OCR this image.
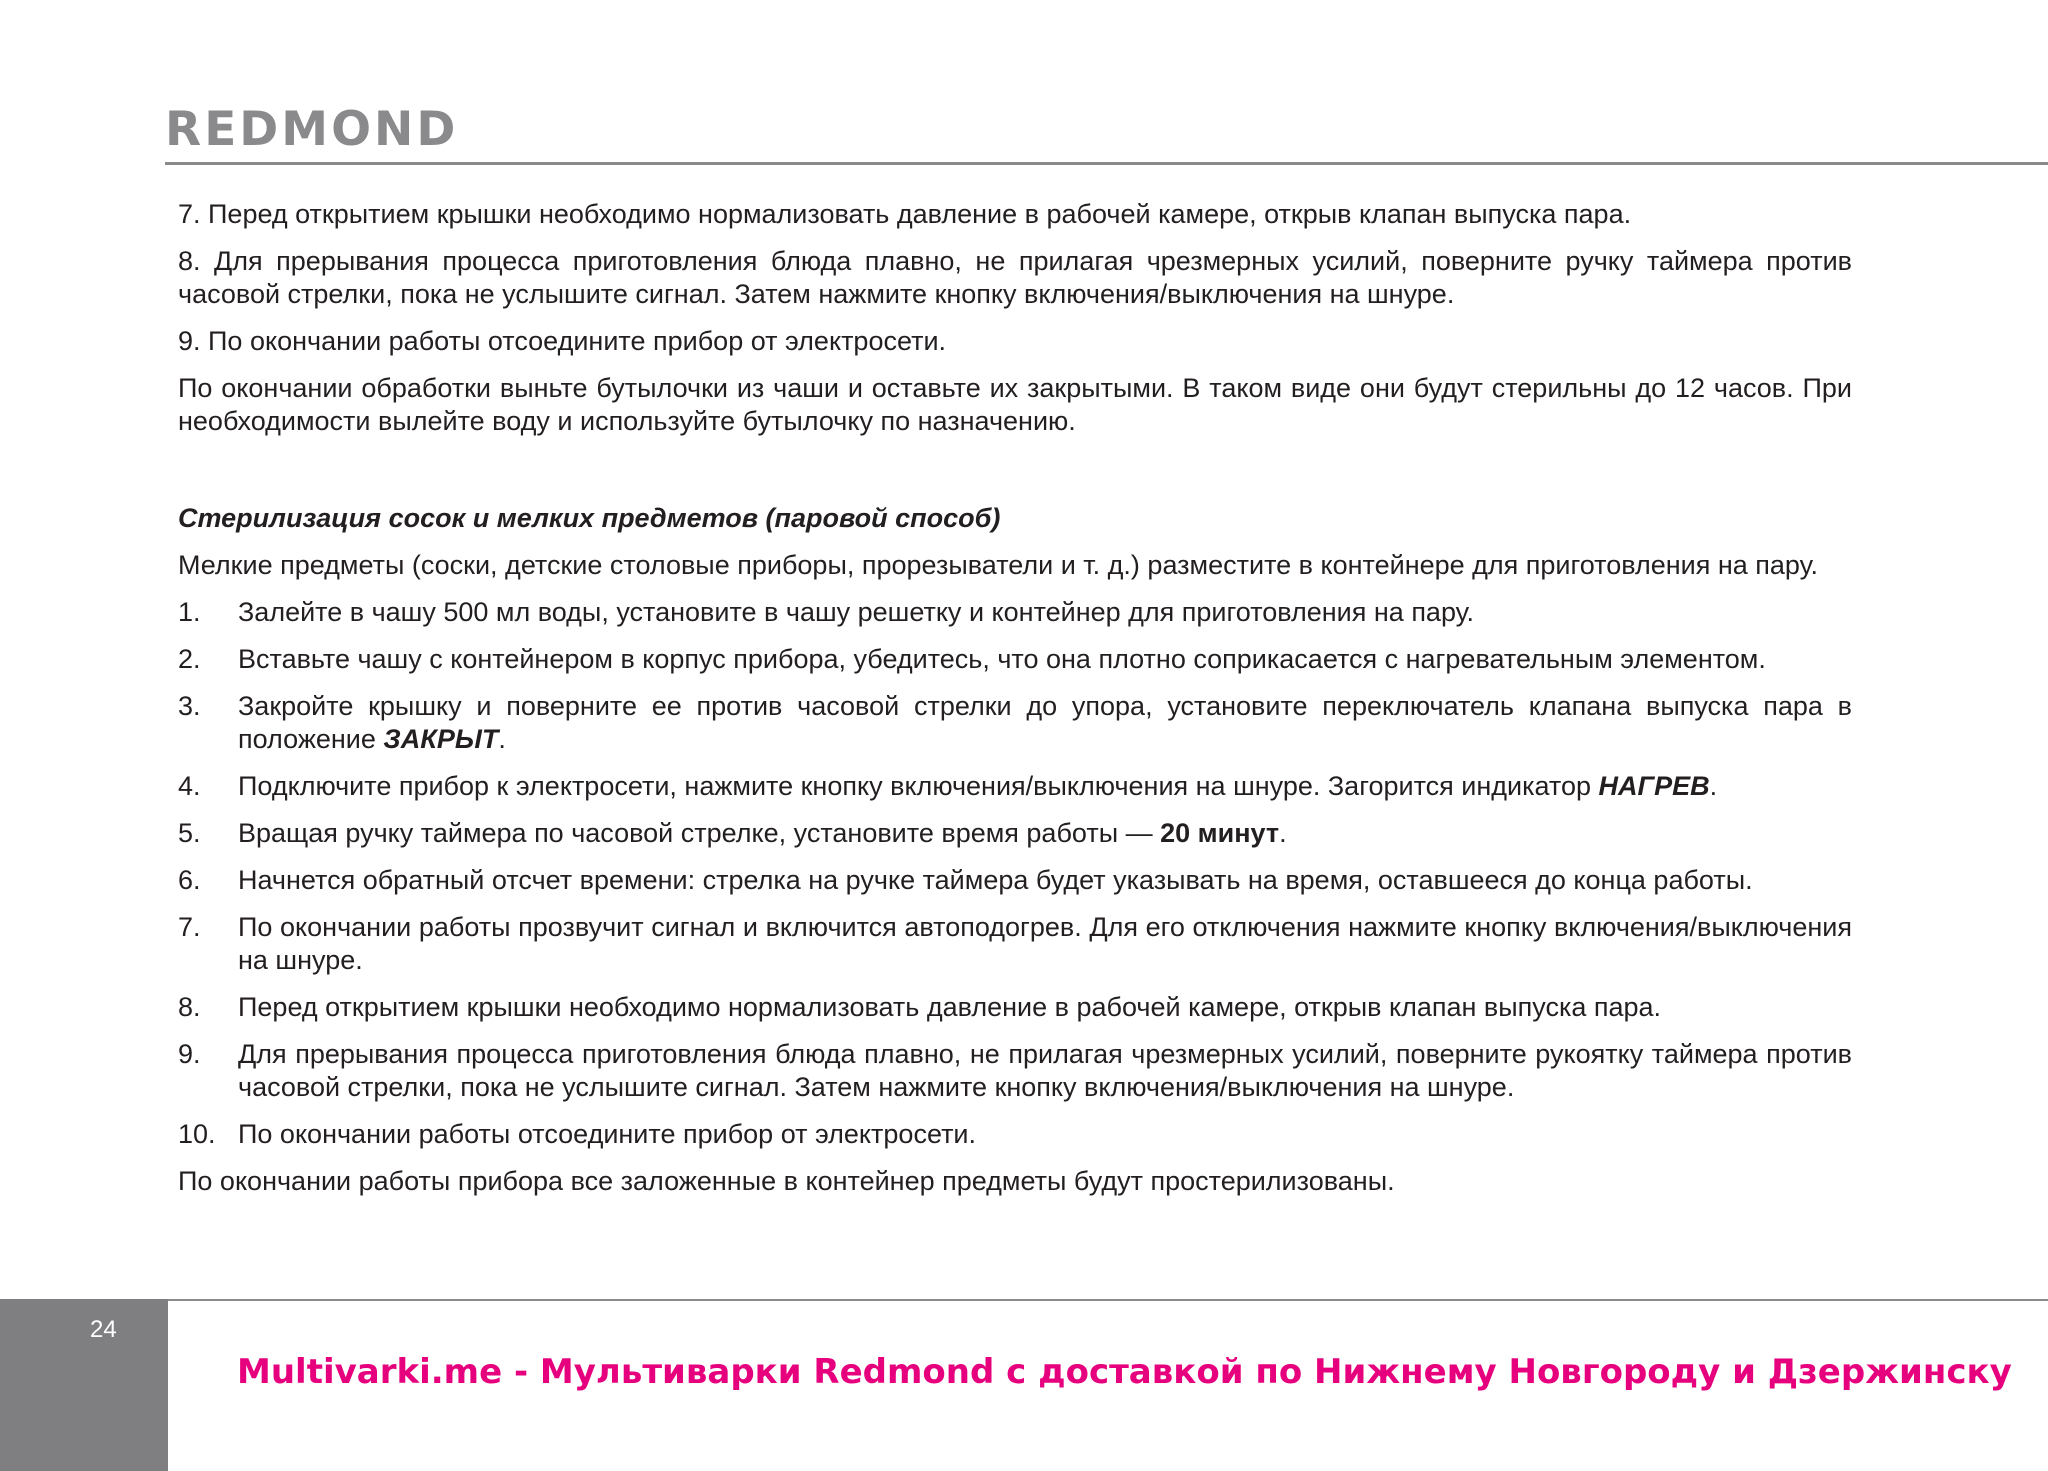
REDMOND

7. Перед открытием крышки необходимо нормализовать давление в рабочей камере, открыв клапан выпуска пара.

8. Для прерывания процесса приготовления блюда плавно, не прилагая чрезмерных усилий, поверните ручку таймера против часовой стрелки, пока не услышите сигнал. Затем нажмите кнопку включения/выключения на шнуре.

9. По окончании работы отсоедините прибор от электросети.

По окончании обработки выньте бутылочки из чаши и оставьте их закрытыми. В таком виде они будут стерильны до 12 часов. При необходимости вылейте воду и используйте бутылочку по назначению.

Стерилизация сосок и мелких предметов (паровой способ)

Мелкие предметы (соски, детские столовые приборы, прорезыватели и т. д.) разместите в контейнере для приготовления на пару.

1.	Залейте в чашу 500 мл воды, установите в чашу решетку и контейнер для приготовления на пару.
2.	Вставьте чашу с контейнером в корпус прибора, убедитесь, что она плотно соприкасается с нагревательным элементом.
3.	Закройте крышку и поверните ее против часовой стрелки до упора, установите переключатель клапана выпуска пара в положение ЗАКРЫТ.
4.	Подключите прибор к электросети, нажмите кнопку включения/выключения на шнуре. Загорится индикатор НАГРЕВ.
5.	Вращая ручку таймера по часовой стрелке, установите время работы — 20 минут.
6.	Начнется обратный отсчет времени: стрелка на ручке таймера будет указывать на время, оставшееся до конца работы.
7.	По окончании работы прозвучит сигнал и включится автоподогрев. Для его отключения нажмите кнопку включения/выключения на шнуре.
8.	Перед открытием крышки необходимо нормализовать давление в рабочей камере, открыв клапан выпуска пара.
9.	Для прерывания процесса приготовления блюда плавно, не прилагая чрезмерных усилий, поверните рукоятку таймера против часовой стрелки, пока не услышите сигнал. Затем нажмите кнопку включения/выключения на шнуре.
10. По окончании работы отсоедините прибор от электросети.

По окончании работы прибора все заложенные в контейнер предметы будут простерилизованы.

24
Multivarki.me - Мультиварки Redmond с доставкой по Нижнему Новгороду и Дзержинску
